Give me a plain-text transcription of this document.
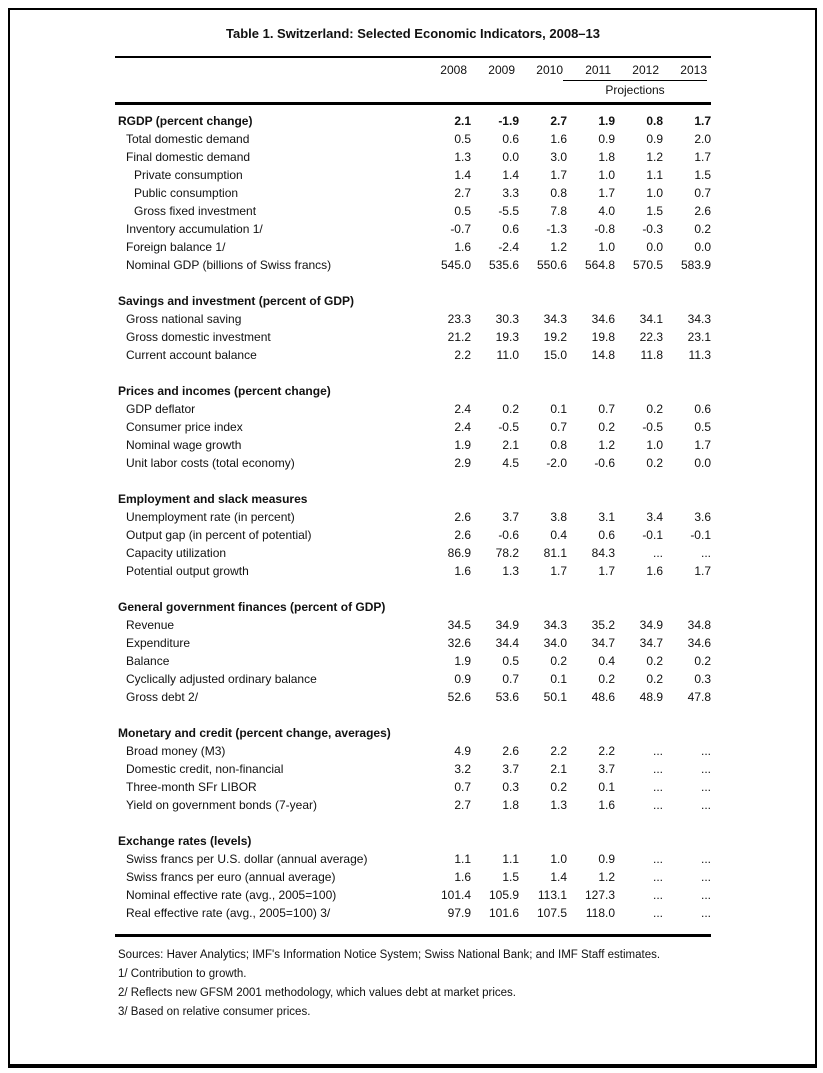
Table 1. Switzerland: Selected Economic Indicators, 2008–13
2008	2009	2010	2011	2012	2013
Projections
RGDP (percent change)	2.1	-1.9	2.7	1.9	0.8	1.7
Total domestic demand	0.5	0.6	1.6	0.9	0.9	2.0
Final domestic demand	1.3	0.0	3.0	1.8	1.2	1.7
Private consumption	1.4	1.4	1.7	1.0	1.1	1.5
Public consumption	2.7	3.3	0.8	1.7	1.0	0.7
Gross fixed investment	0.5	-5.5	7.8	4.0	1.5	2.6
Inventory accumulation 1/	-0.7	0.6	-1.3	-0.8	-0.3	0.2
Foreign balance 1/	1.6	-2.4	1.2	1.0	0.0	0.0
Nominal GDP (billions of Swiss francs)	545.0	535.6	550.6	564.8	570.5	583.9
Savings and investment (percent of GDP)
Gross national saving	23.3	30.3	34.3	34.6	34.1	34.3
Gross domestic investment	21.2	19.3	19.2	19.8	22.3	23.1
Current account balance	2.2	11.0	15.0	14.8	11.8	11.3
Prices and incomes (percent change)
GDP deflator	2.4	0.2	0.1	0.7	0.2	0.6
Consumer price index	2.4	-0.5	0.7	0.2	-0.5	0.5
Nominal wage growth	1.9	2.1	0.8	1.2	1.0	1.7
Unit labor costs (total economy)	2.9	4.5	-2.0	-0.6	0.2	0.0
Employment and slack measures
Unemployment rate (in percent)	2.6	3.7	3.8	3.1	3.4	3.6
Output gap (in percent of potential)	2.6	-0.6	0.4	0.6	-0.1	-0.1
Capacity utilization	86.9	78.2	81.1	84.3	...	...
Potential output growth	1.6	1.3	1.7	1.7	1.6	1.7
General government finances (percent of GDP)
Revenue	34.5	34.9	34.3	35.2	34.9	34.8
Expenditure	32.6	34.4	34.0	34.7	34.7	34.6
Balance	1.9	0.5	0.2	0.4	0.2	0.2
Cyclically adjusted ordinary balance	0.9	0.7	0.1	0.2	0.2	0.3
Gross debt 2/	52.6	53.6	50.1	48.6	48.9	47.8
Monetary and credit (percent change, averages)
Broad money (M3)	4.9	2.6	2.2	2.2	...	...
Domestic credit, non-financial	3.2	3.7	2.1	3.7	...	...
Three-month SFr LIBOR	0.7	0.3	0.2	0.1	...	...
Yield on government bonds (7-year)	2.7	1.8	1.3	1.6	...	...
Exchange rates (levels)
Swiss francs per U.S. dollar (annual average)	1.1	1.1	1.0	0.9	...	...
Swiss francs per euro (annual average)	1.6	1.5	1.4	1.2	...	...
Nominal effective rate (avg., 2005=100)	101.4	105.9	113.1	127.3	...	...
Real effective rate (avg., 2005=100) 3/	97.9	101.6	107.5	118.0	...	...
Sources: Haver Analytics; IMF's Information Notice System; Swiss National Bank; and IMF Staff estimates.
1/ Contribution to growth.
2/ Reflects new GFSM 2001 methodology, which values debt at market prices.
3/ Based on relative consumer prices.
